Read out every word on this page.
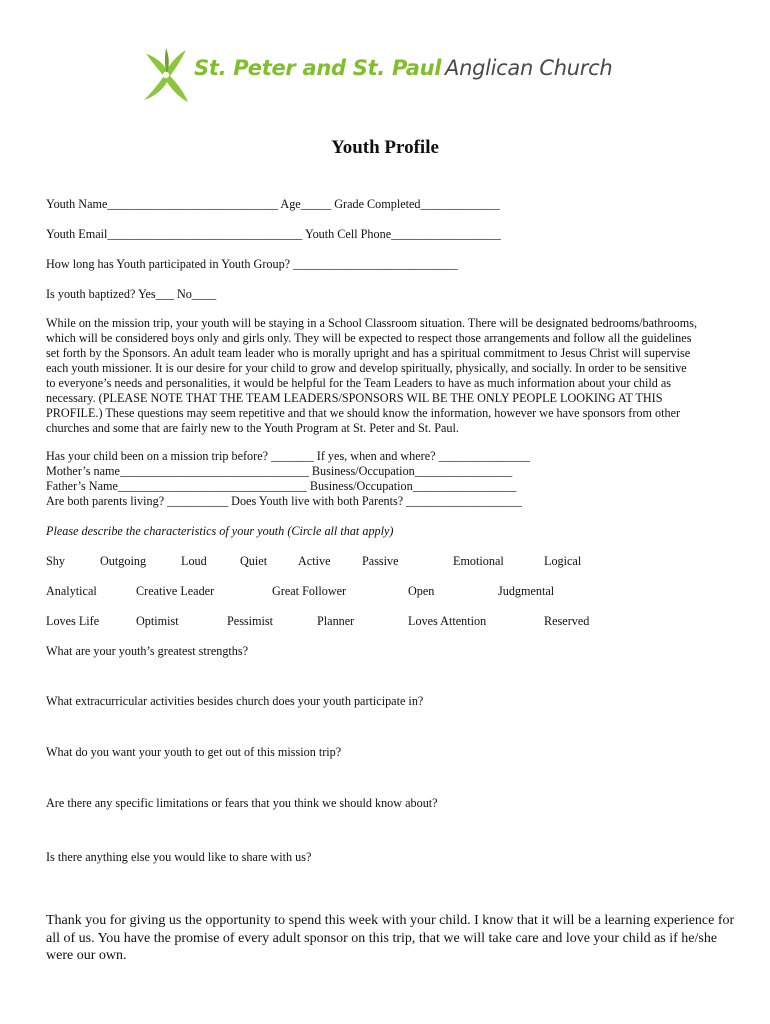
St. Peter and St. Paul Anglican Church
Youth Profile
Youth Name____________________________ Age_____ Grade Completed_____________
Youth Email________________________________ Youth Cell Phone__________________
How long has Youth participated in Youth Group? ___________________________
Is youth baptized? Yes___ No____
While on the mission trip, your youth will be staying in a School Classroom situation. There will be designated bedrooms/bathrooms,
which will be considered boys only and girls only. They will be expected to respect those arrangements and follow all the guidelines
set forth by the Sponsors. An adult team leader who is morally upright and has a spiritual commitment to Jesus Christ will supervise
each youth missioner. It is our desire for your child to grow and develop spiritually, physically, and socially. In order to be sensitive
to everyone’s needs and personalities, it would be helpful for the Team Leaders to have as much information about your child as
necessary. (PLEASE NOTE THAT THE TEAM LEADERS/SPONSORS WIL BE THE ONLY PEOPLE LOOKING AT THIS
PROFILE.) These questions may seem repetitive and that we should know the information, however we have sponsors from other
churches and some that are fairly new to the Youth Program at St. Peter and St. Paul.
Has your child been on a mission trip before? _______ If yes, when and where? _______________
Mother’s name_______________________________ Business/Occupation________________
Father’s Name_______________________________ Business/Occupation_________________
Are both parents living? __________ Does Youth live with both Parents? ___________________
Please describe the characteristics of your youth (Circle all that apply)
Shy	Outgoing	Loud	Quiet	Active	Passive	Emotional	Logical
Analytical	Creative Leader	Great Follower	Open	Judgmental
Loves Life	Optimist	Pessimist	Planner	Loves Attention	Reserved
What are your youth’s greatest strengths?
What extracurricular activities besides church does your youth participate in?
What do you want your youth to get out of this mission trip?
Are there any specific limitations or fears that you think we should know about?
Is there anything else you would like to share with us?
Thank you for giving us the opportunity to spend this week with your child. I know that it will be a learning experience for
all of us. You have the promise of every adult sponsor on this trip, that we will take care and love your child as if he/she
were our own.
